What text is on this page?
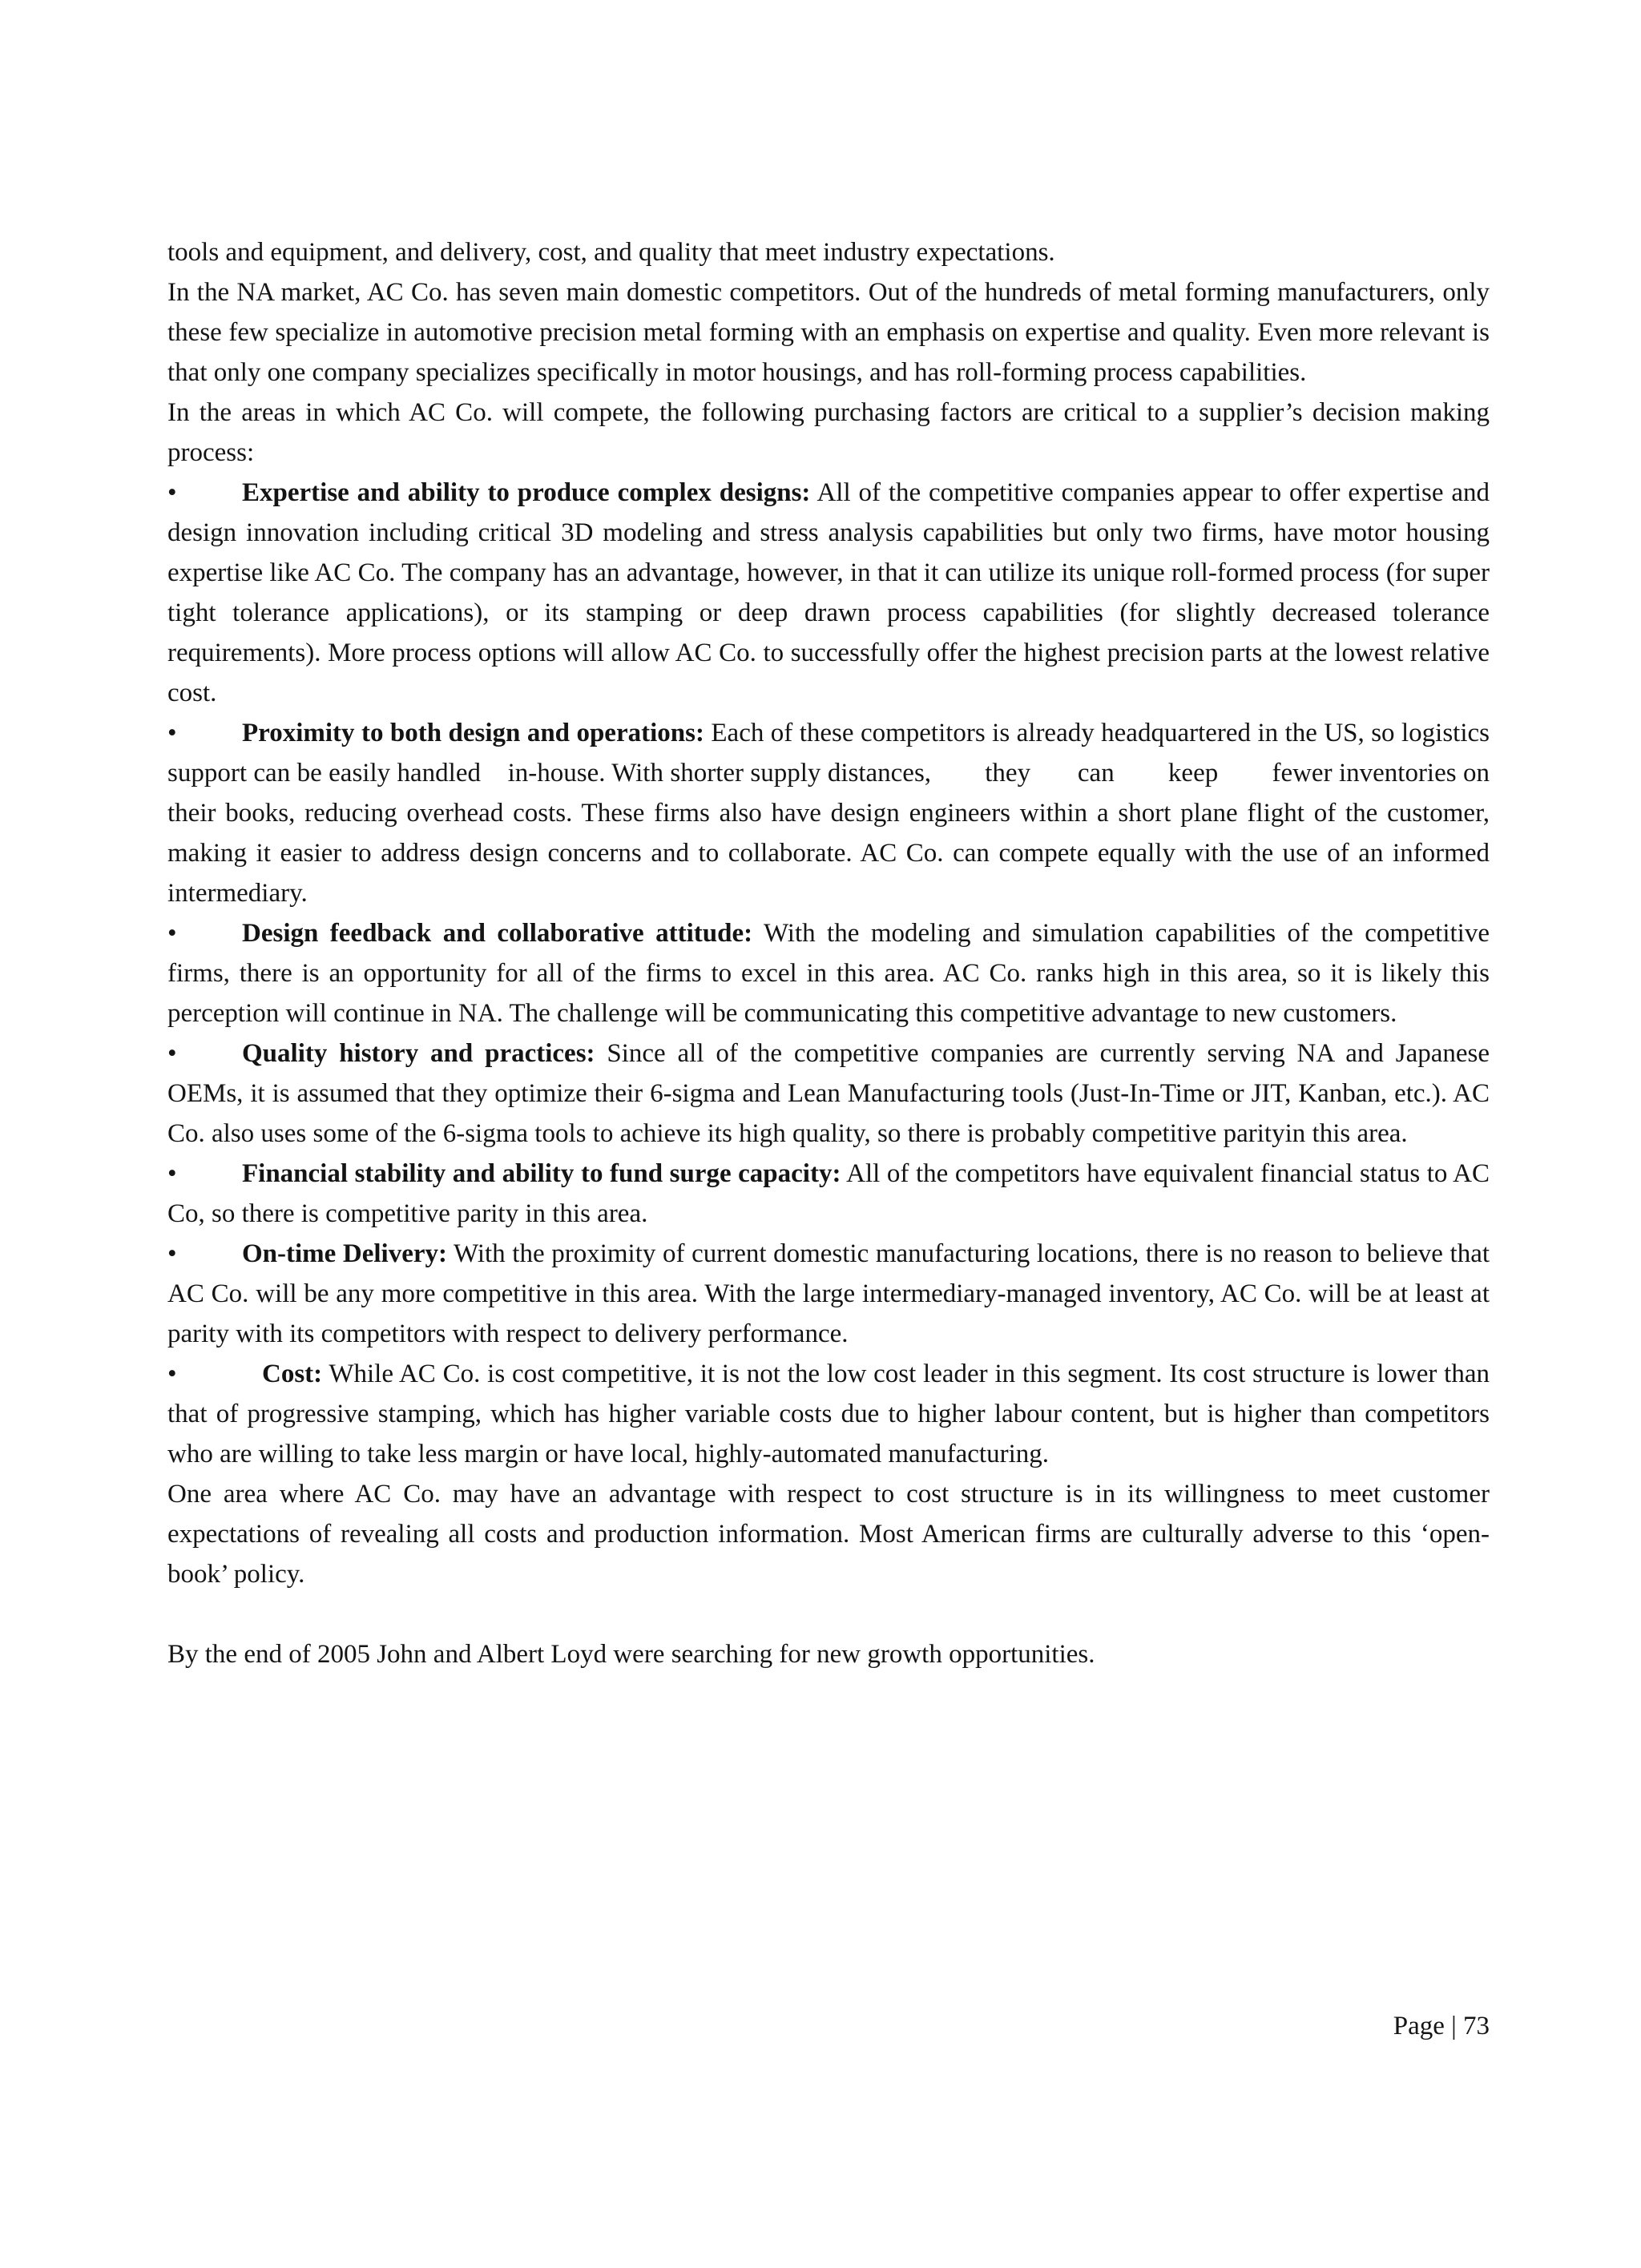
tools and equipment, and delivery, cost, and quality that meet industry expectations.

In the NA market, AC Co. has seven main domestic competitors. Out of the hundreds of metal forming manufacturers, only these few specialize in automotive precision metal forming with an emphasis on expertise and quality. Even more relevant is that only one company specializes specifically in motor housings, and has roll-forming process capabilities.

In the areas in which AC Co. will compete, the following purchasing factors are critical to a supplier’s decision making process:

• Expertise and ability to produce complex designs: All of the competitive companies appear to offer expertise and design innovation including critical 3D modeling and stress analysis capabilities but only two firms, have motor housing expertise like AC Co. The company has an advantage, however, in that it can utilize its unique roll-formed process (for super tight tolerance applications), or its stamping or deep drawn process capabilities (for slightly decreased tolerance requirements). More process options will allow AC Co. to successfully offer the highest precision parts at the lowest relative cost.

• Proximity to both design and operations: Each of these competitors is already headquartered in the US, so logistics support can be easily handled    in-house. With shorter supply distances,        they       can        keep        fewer inventories on their books, reducing overhead costs. These firms also have design engineers within a short plane flight of the customer, making it easier to address design concerns and to collaborate. AC Co. can compete equally with the use of an informed intermediary.

• Design feedback and collaborative attitude: With the modeling and simulation capabilities of the competitive firms, there is an opportunity for all of the firms to excel in this area. AC Co. ranks high in this area, so it is likely this perception will continue in NA. The challenge will be communicating this competitive advantage to new customers.

• Quality history and practices: Since all of the competitive companies are currently serving NA and Japanese OEMs, it is assumed that they optimize their 6-sigma and Lean Manufacturing tools (Just-In-Time or JIT, Kanban, etc.). AC Co. also uses some of the 6-sigma tools to achieve its high quality, so there is probably competitive parityin this area.

• Financial stability and ability to fund surge capacity: All of the competitors have equivalent financial status to AC Co, so there is competitive parity in this area.

• On-time Delivery: With the proximity of current domestic manufacturing locations, there is no reason to believe that AC Co. will be any more competitive in this area. With the large intermediary-managed inventory, AC Co. will be at least at parity with its competitors with respect to delivery performance.

•	Cost: While AC Co. is cost competitive, it is not the low cost leader in this segment. Its cost structure is lower than that of progressive stamping, which has higher variable costs due to higher labour content, but is higher than competitors who are willing to take less margin or have local, highly-automated manufacturing.

One area where AC Co. may have an advantage with respect to cost structure is in its willingness to meet customer expectations of revealing all costs and production information. Most American firms are culturally adverse to this ‘open-book’ policy.

By the end of 2005 John and Albert Loyd were searching for new growth opportunities.

Page | 73
